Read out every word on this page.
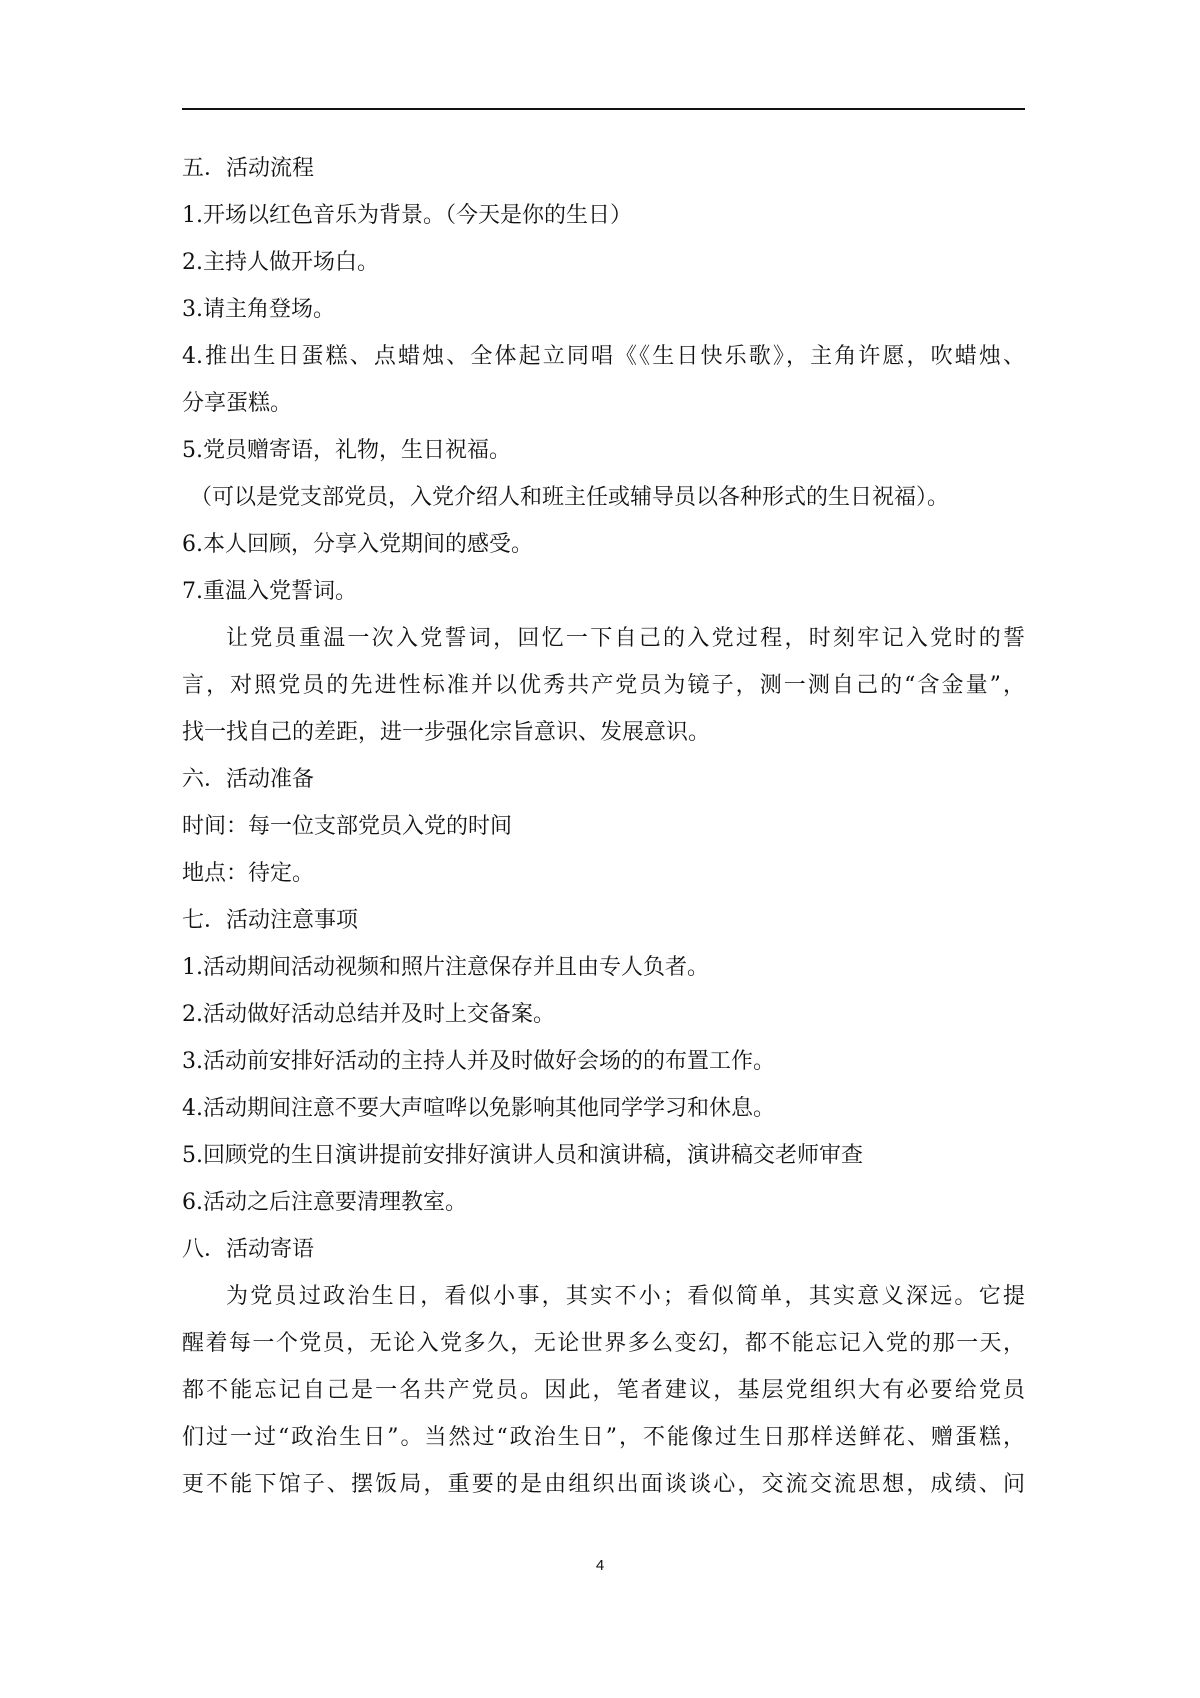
五．活动流程
1.开场以红色音乐为背景。（今天是你的生日）
2.主持人做开场白。
3.请主角登场。
4.推出生日蛋糕、点蜡烛、全体起立同唱《《生日快乐歌》，主角许愿，吹蜡烛、
分享蛋糕。
5.党员赠寄语，礼物，生日祝福。
（可以是党支部党员，入党介绍人和班主任或辅导员以各种形式的生日祝福）。
6.本人回顾，分享入党期间的感受。
7.重温入党誓词。
让党员重温一次入党誓词，回忆一下自己的入党过程，时刻牢记入党时的誓
言，对照党员的先进性标准并以优秀共产党员为镜子，测一测自己的“含金量”，
找一找自己的差距，进一步强化宗旨意识、发展意识。
六．活动准备
时间：每一位支部党员入党的时间
地点：待定。
七．活动注意事项
1.活动期间活动视频和照片注意保存并且由专人负者。
2.活动做好活动总结并及时上交备案。
3.活动前安排好活动的主持人并及时做好会场的的布置工作。
4.活动期间注意不要大声喧哗以免影响其他同学学习和休息。
5.回顾党的生日演讲提前安排好演讲人员和演讲稿，演讲稿交老师审查
6.活动之后注意要清理教室。
八．活动寄语
为党员过政治生日，看似小事，其实不小；看似简单，其实意义深远。它提
醒着每一个党员，无论入党多久，无论世界多么变幻，都不能忘记入党的那一天，
都不能忘记自己是一名共产党员。因此，笔者建议，基层党组织大有必要给党员
们过一过“政治生日”。当然过“政治生日”，不能像过生日那样送鲜花、赠蛋糕，
更不能下馆子、摆饭局，重要的是由组织出面谈谈心，交流交流思想，成绩、问
4
